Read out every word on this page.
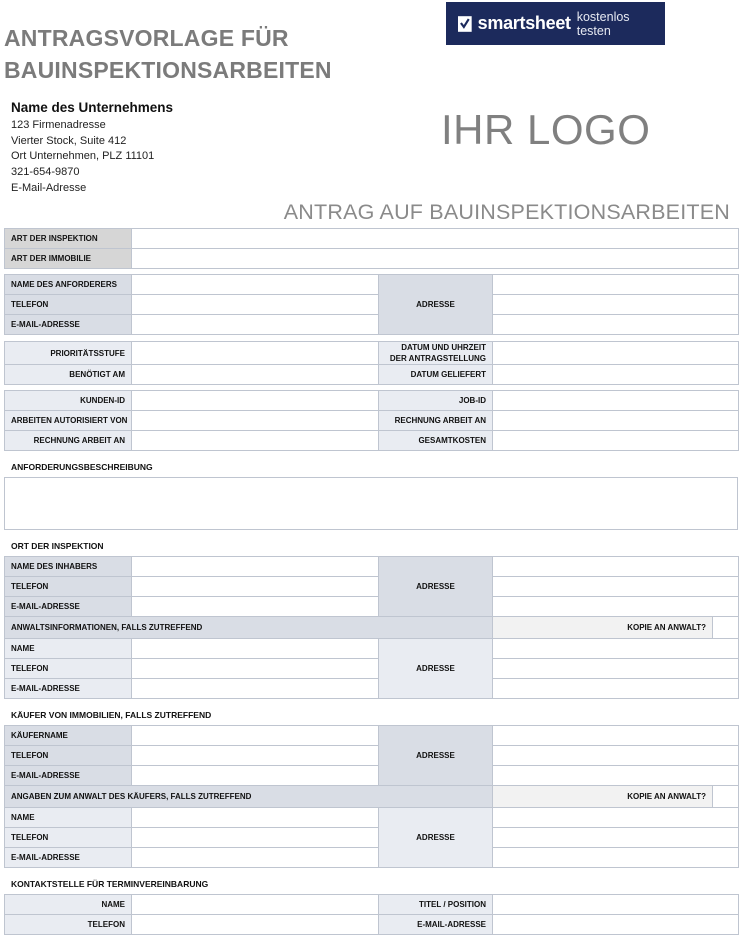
ANTRAGSVORLAGE FÜR
BAUINSPEKTIONSARBEITEN
smartsheet kostenlos testen
Name des Unternehmens
123 Firmenadresse
Vierter Stock, Suite 412
Ort Unternehmen, PLZ 11101
321-654-9870
E-Mail-Adresse
IHR LOGO
ANTRAG AUF BAUINSPEKTIONSARBEITEN
ART DER INSPEKTION	
ART DER IMMOBILIE	
NAME DES ANFORDERERS		ADRESSE	
TELEFON			
E-MAIL-ADRESSE			
PRIORITÄTSSTUFE		DATUM UND UHRZEIT
DER ANTRAGSTELLUNG	
BENÖTIGT AM		DATUM GELIEFERT	
KUNDEN-ID		JOB-ID	
ARBEITEN AUTORISIERT VON		RECHNUNG ARBEIT AN	
RECHNUNG ARBEIT AN		GESAMTKOSTEN	
ANFORDERUNGSBESCHREIBUNG
ORT DER INSPEKTION
NAME DES INHABERS		ADRESSE		
TELEFON				
E-MAIL-ADRESSE				
ANWALTSINFORMATIONEN, FALLS ZUTREFFEND			KOPIE AN ANWALT?	
NAME		ADRESSE		
TELEFON				
E-MAIL-ADRESSE				
KÄUFER VON IMMOBILIEN, FALLS ZUTREFFEND
KÄUFERNAME		ADRESSE		
TELEFON				
E-MAIL-ADRESSE				
ANGABEN ZUM ANWALT DES KÄUFERS, FALLS ZUTREFFEND			KOPIE AN ANWALT?	
NAME		ADRESSE		
TELEFON				
E-MAIL-ADRESSE				
KONTAKTSTELLE FÜR TERMINVEREINBARUNG
NAME		TITEL / POSITION	
TELEFON		E-MAIL-ADRESSE	
